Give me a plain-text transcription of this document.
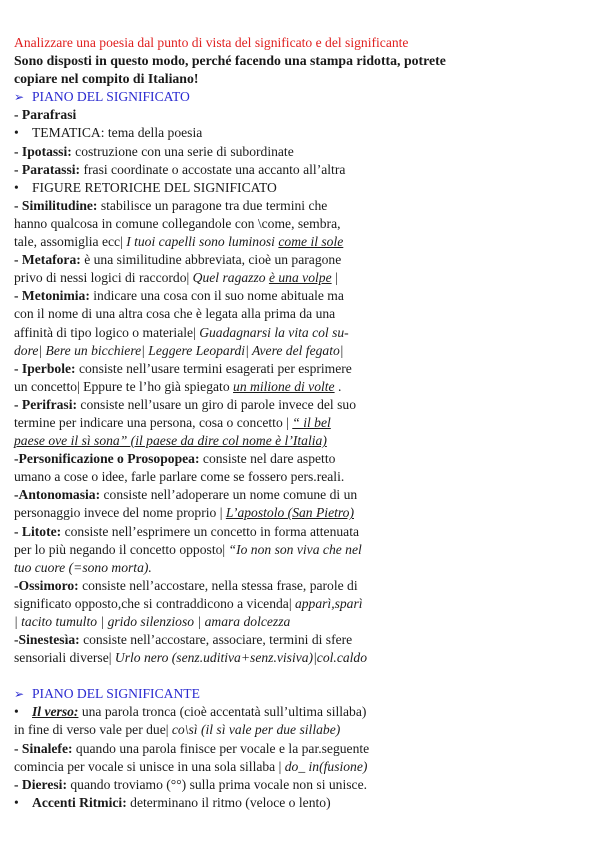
Analizzare una poesia dal punto di vista del significato e del significante
Sono disposti in questo modo, perché facendo una stampa ridotta, potrete
copiare nel compito di Italiano!
➢ PIANO DEL SIGNIFICATO
- Parafrasi
• TEMATICA: tema della poesia
- Ipotassi: costruzione con una serie di subordinate
- Paratassi: frasi coordinate o accostate una accanto all’altra
• FIGURE RETORICHE DEL SIGNIFICATO
- Similitudine: stabilisce un paragone tra due termini che
hanno qualcosa in comune collegandole con \come, sembra,
tale, assomiglia ecc| I tuoi capelli sono luminosi come il sole
- Metafora: è una similitudine abbreviata, cioè un paragone
privo di nessi logici di raccordo| Quel ragazzo è una volpe |
- Metonimia: indicare una cosa con il suo nome abituale ma
con il nome di una altra cosa che è legata alla prima da una
affinità di tipo logico o materiale| Guadagnarsi la vita col su-
dore| Bere un bicchiere| Leggere Leopardi| Avere del fegato|
- Iperbole: consiste nell’usare termini esagerati per esprimere
un concetto| Eppure te l’ho già spiegato un milione di volte .
- Perifrasi: consiste nell’usare un giro di parole invece del suo
termine per indicare una persona, cosa o concetto | “ il bel
paese ove il sì sona” (il paese da dire col nome è l’Italia)
-Personificazione o Prosopopea: consiste nel dare aspetto
umano a cose o idee, farle parlare come se fossero pers.reali.
-Antonomasia: consiste nell’adoperare un nome comune di un
personaggio invece del nome proprio | L’apostolo (San Pietro)
- Litote: consiste nell’esprimere un concetto in forma attenuata
per lo più negando il concetto opposto| “Io non son viva che nel
tuo cuore (=sono morta).
-Ossimoro: consiste nell’accostare, nella stessa frase, parole di
significato opposto,che si contraddicono a vicenda| apparì,sparì
| tacito tumulto | grido silenzioso | amara dolcezza
-Sinestesìa: consiste nell’accostare, associare, termini di sfere
sensoriali diverse| Urlo nero (senz.uditiva+senz.visiva)|col.caldo
➢ PIANO DEL SIGNIFICANTE
• Il verso: una parola tronca (cioè accentatà sull’ultima sillaba)
in fine di verso vale per due| co\sì (il sì vale per due sillabe)
- Sinalefe: quando una parola finisce per vocale e la par.seguente
comincia per vocale si unisce in una sola sillaba | do_ in(fusione)
- Dieresi: quando troviamo (°°) sulla prima vocale non si unisce.
• Accenti Ritmici: determinano il ritmo (veloce o lento)
